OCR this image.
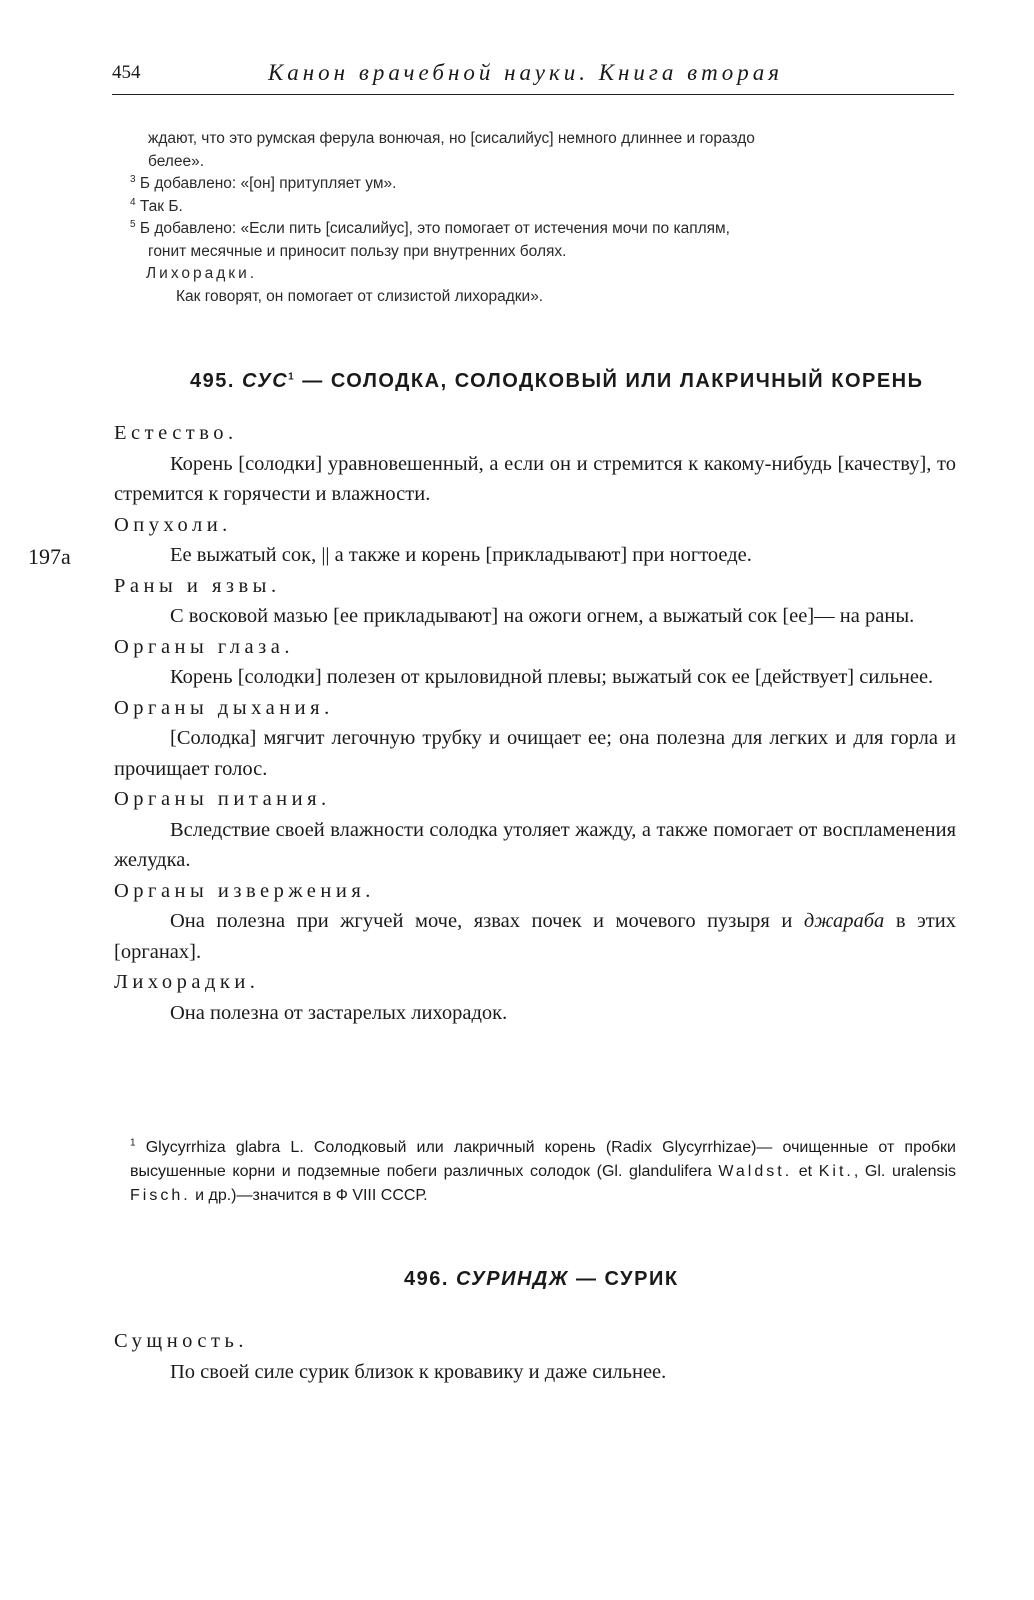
454	Канон врачебной науки. Книга вторая

ждают, что это румская ферула вонючая, но [сисалийус] немного длиннее и гораздо

белее».

$^3$ Б добавлено: «[он] притупляет ум».

$^4$ Так Б.

$^5$ Б добавлено: «Если пить [сисалийус], это помогает от истечения мочи по каплям,

гонит месячные и приносит пользу при внутренних болях.

Лихорадки.

Как говорят, он помогает от слизистой лихорадки».

495. СУС$^1$ — СОЛОДКА, СОЛОДКОВЫЙ ИЛИ ЛАКРИЧНЫЙ КОРЕНЬ
197a

Естество.

Корень [солодки] уравновешенный, а если он и стремится к какому-нибудь [качеству], то стремится к горячести и влажности.

Опухоли.

Ее выжатый сок, || а также и корень [прикладывают] при ногтоеде.

Раны и язвы.

С восковой мазью [ее прикладывают] на ожоги огнем, а выжатый сок [ее]— на раны.

Органы глаза.

Корень [солодки] полезен от крыловидной плевы; выжатый сок ее [действует] сильнее.

Органы дыхания.

[Солодка] мягчит легочную трубку и очищает ее; она полезна для легких и для горла и прочищает голос.

Органы питания.

Вследствие своей влажности солодка утоляет жажду, а также помогает от воспламенения желудка.

Органы извержения.

Она полезна при жгучей моче, язвах почек и мочевого пузыря и джараба в этих [органах].

Лихорадки.

Она полезна от застарелых лихорадок.

$^1$ Glycyrrhiza glabra L. Солодковый или лакричный корень (Radix Glycyrrhizae)— очищенные от пробки высушенные корни и подземные побеги различных солодок (Gl. glandulifera Waldst. et Kit., Gl. uralensis Fisch. и др.)—значится в Ф VIII СССР.

496. СУРИНДЖ — СУРИК

Сущность.

По своей силе сурик близок к кровавику и даже сильнее.
